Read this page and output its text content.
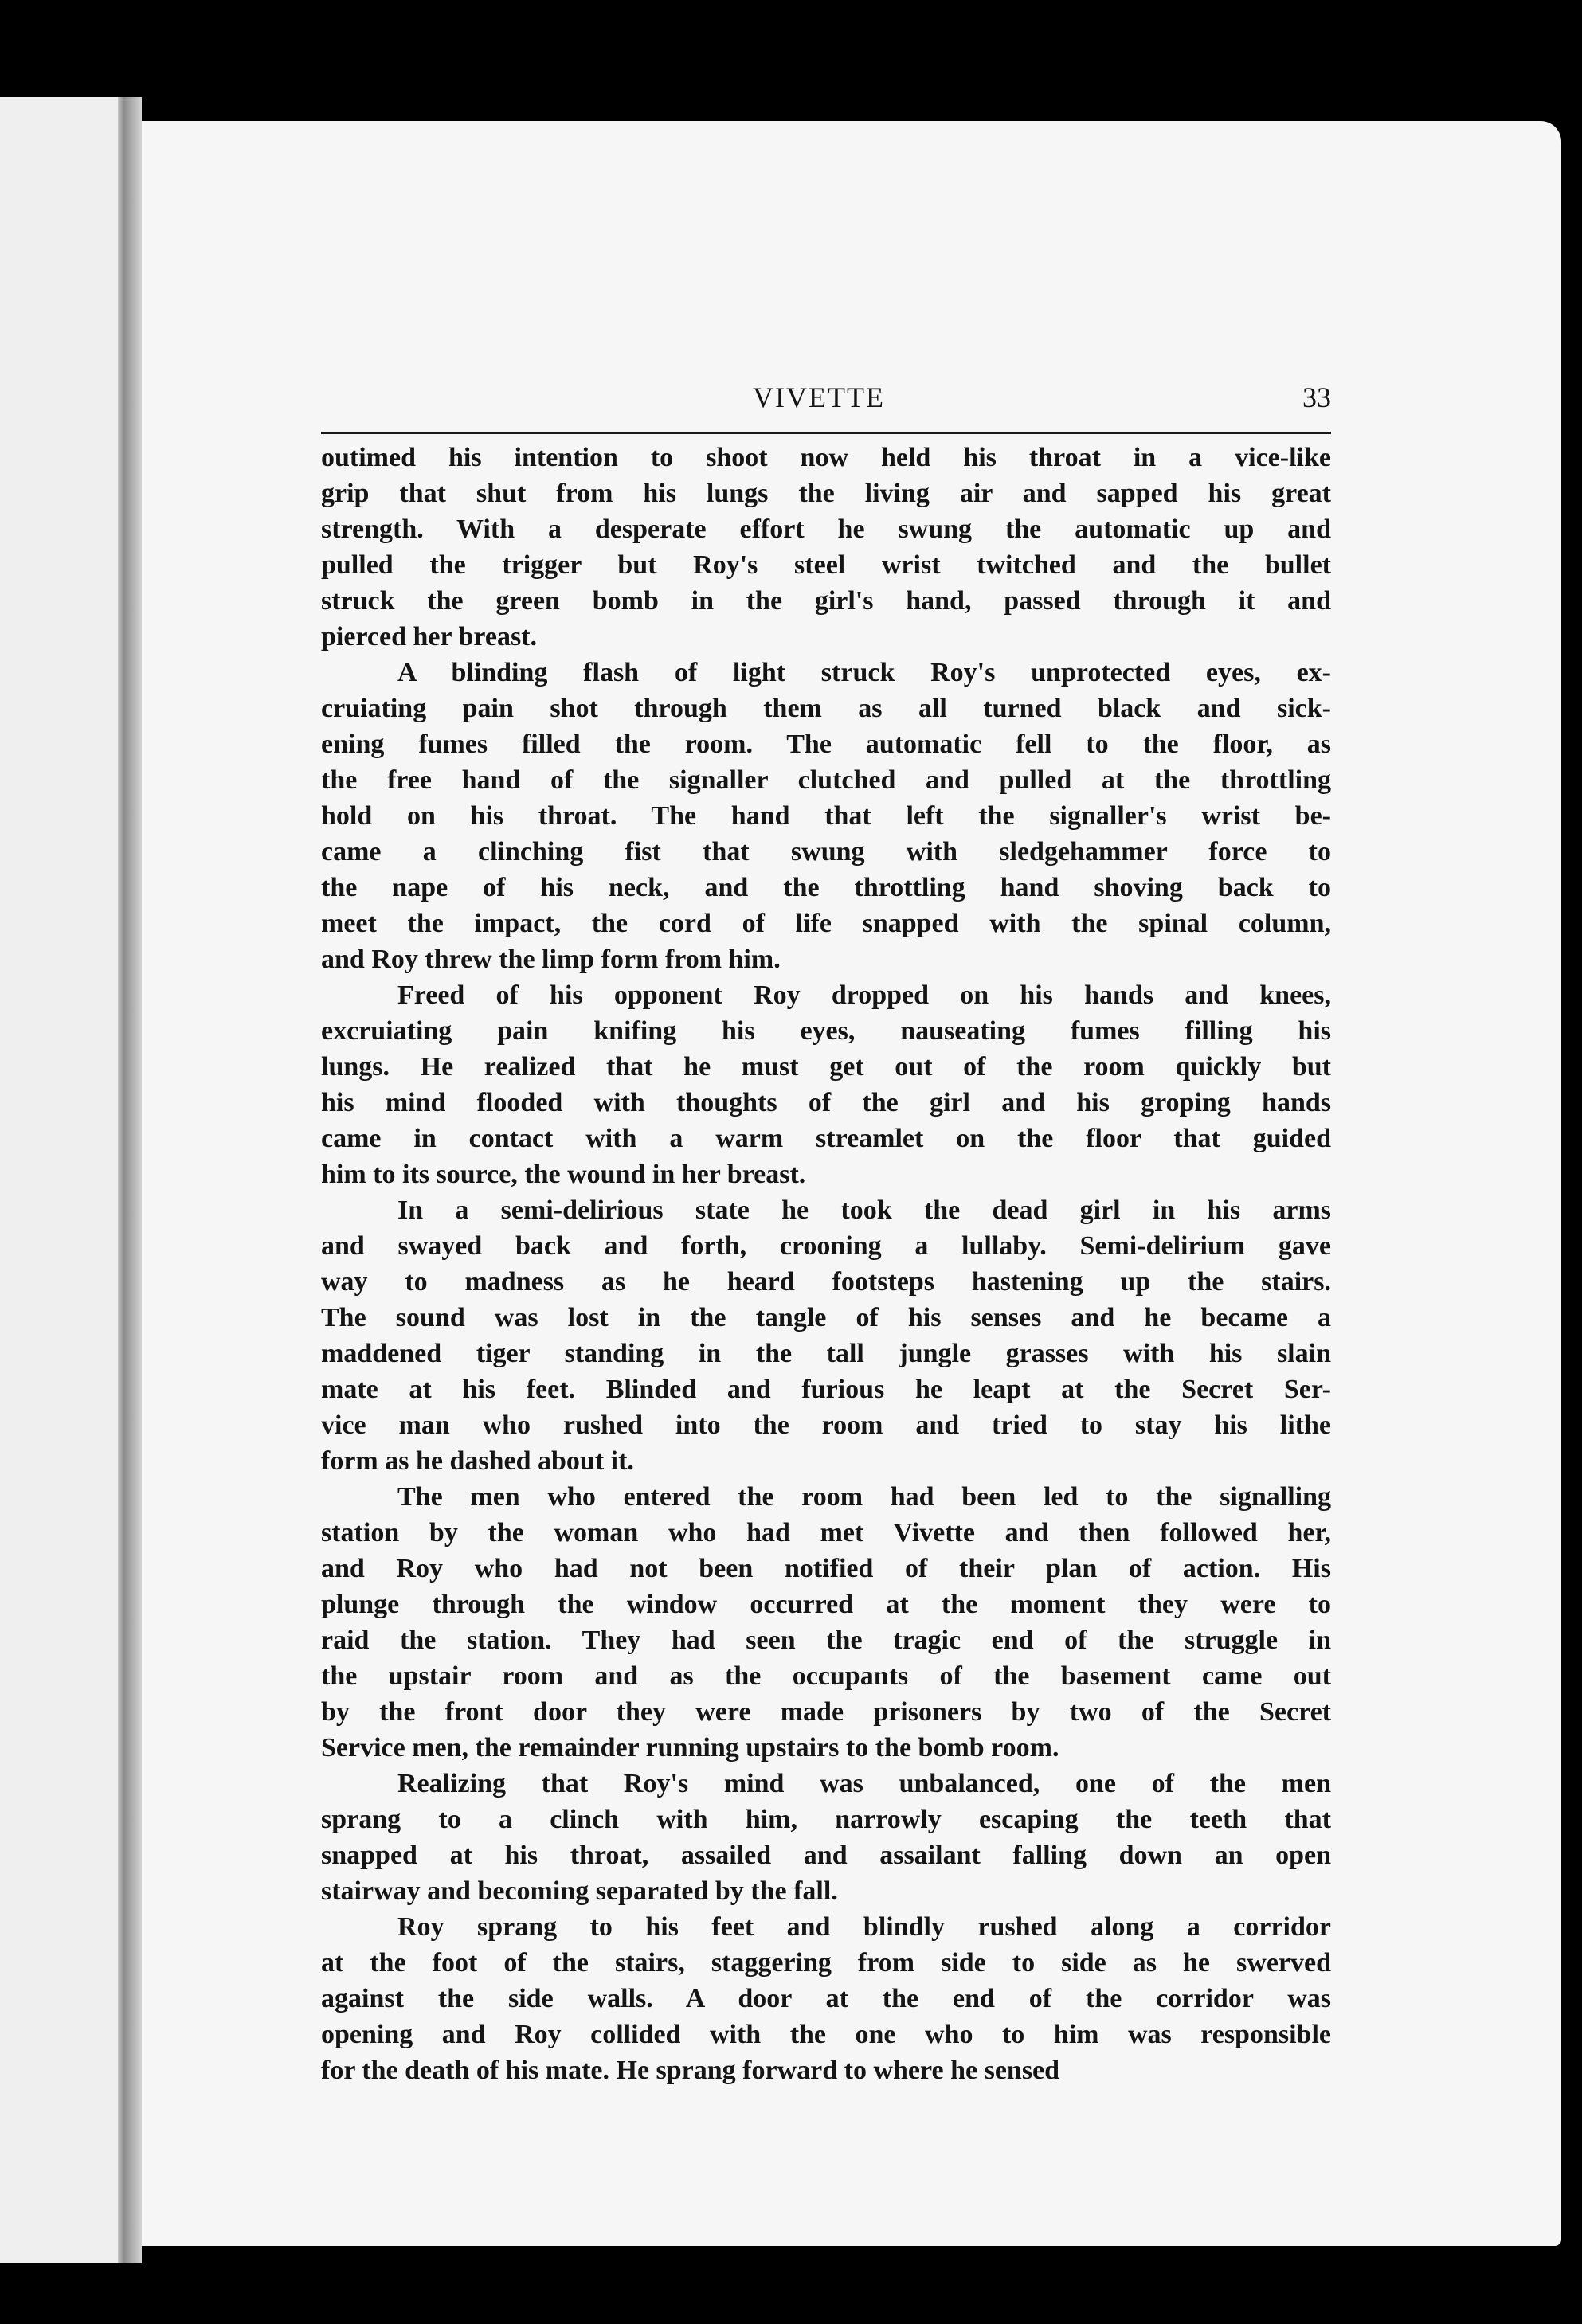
VIVETTE	33
outimed his intention to shoot now held his throat in a vice-like
grip that shut from his lungs the living air and sapped his great
strength. With a desperate effort he swung the automatic up and
pulled the trigger but Roy's steel wrist twitched and the bullet
struck the green bomb in the girl's hand, passed through it and
pierced her breast.
A blinding flash of light struck Roy's unprotected eyes, ex-
cruiating pain shot through them as all turned black and sick-
ening fumes filled the room. The automatic fell to the floor, as
the free hand of the signaller clutched and pulled at the throttling
hold on his throat. The hand that left the signaller's wrist be-
came a clinching fist that swung with sledgehammer force to
the nape of his neck, and the throttling hand shoving back to
meet the impact, the cord of life snapped with the spinal column,
and Roy threw the limp form from him.
Freed of his opponent Roy dropped on his hands and knees,
excruiating pain knifing his eyes, nauseating fumes filling his
lungs. He realized that he must get out of the room quickly but
his mind flooded with thoughts of the girl and his groping hands
came in contact with a warm streamlet on the floor that guided
him to its source, the wound in her breast.
In a semi-delirious state he took the dead girl in his arms
and swayed back and forth, crooning a lullaby. Semi-delirium gave
way to madness as he heard footsteps hastening up the stairs.
The sound was lost in the tangle of his senses and he became a
maddened tiger standing in the tall jungle grasses with his slain
mate at his feet. Blinded and furious he leapt at the Secret Ser-
vice man who rushed into the room and tried to stay his lithe
form as he dashed about it.
The men who entered the room had been led to the signalling
station by the woman who had met Vivette and then followed her,
and Roy who had not been notified of their plan of action. His
plunge through the window occurred at the moment they were to
raid the station. They had seen the tragic end of the struggle in
the upstair room and as the occupants of the basement came out
by the front door they were made prisoners by two of the Secret
Service men, the remainder running upstairs to the bomb room.
Realizing that Roy's mind was unbalanced, one of the men
sprang to a clinch with him, narrowly escaping the teeth that
snapped at his throat, assailed and assailant falling down an open
stairway and becoming separated by the fall.
Roy sprang to his feet and blindly rushed along a corridor
at the foot of the stairs, staggering from side to side as he swerved
against the side walls. A door at the end of the corridor was
opening and Roy collided with the one who to him was responsible
for the death of his mate. He sprang forward to where he sensed
